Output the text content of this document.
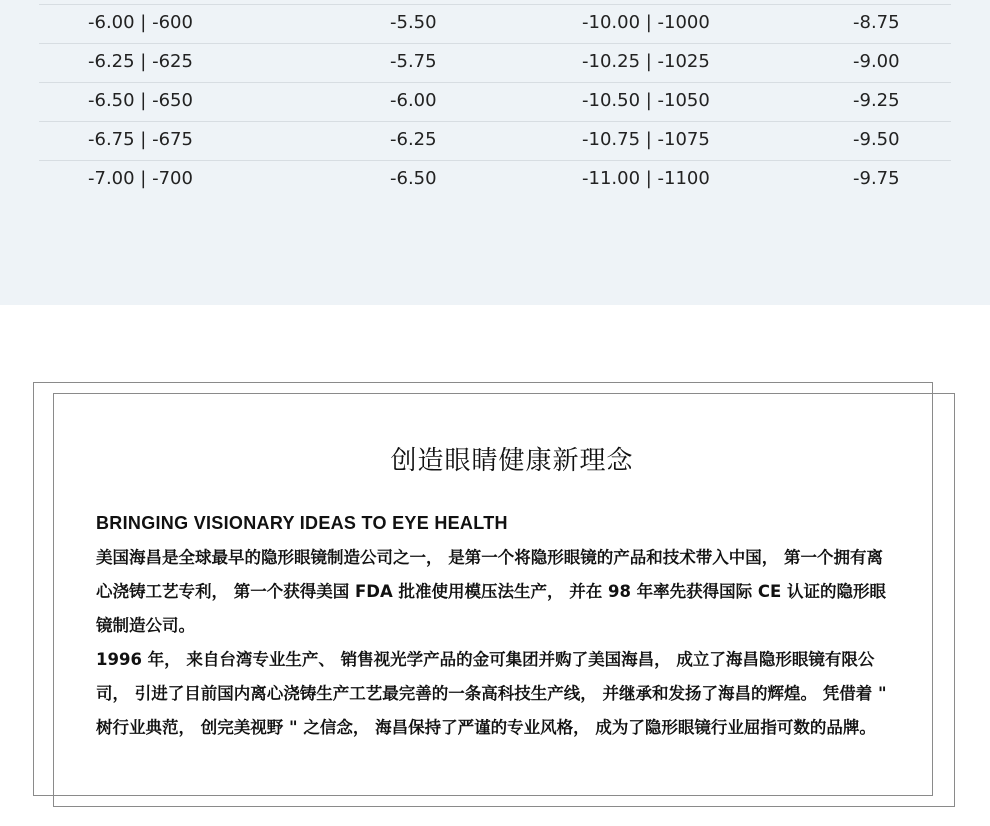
-6.00 | -600	-5.50	-10.00 | -1000	-8.75
-6.25 | -625	-5.75	-10.25 | -1025	-9.00
-6.50 | -650	-6.00	-10.50 | -1050	-9.25
-6.75 | -675	-6.25	-10.75 | -1075	-9.50
-7.00 | -700	-6.50	-11.00 | -1100	-9.75
创造眼睛健康新理念
BRINGING VISIONARY IDEAS TO EYE HEALTH

美国海昌是全球最早的隐形眼镜制造公司之一， 是第一个将隐形眼镜的产品和技术带入中国， 第一个拥有离心浇铸工艺专利， 第一个获得美国 FDA 批准使用模压法生产， 并在 98 年率先获得国际 CE 认证的隐形眼镜制造公司。

1996 年， 来自台湾专业生产、 销售视光学产品的金可集团并购了美国海昌， 成立了海昌隐形眼镜有限公司， 引进了目前国内离心浇铸生产工艺最完善的一条高科技生产线， 并继承和发扬了海昌的辉煌。 凭借着 " 树行业典范， 创完美视野 " 之信念， 海昌保持了严谨的专业风格， 成为了隐形眼镜行业屈指可数的品牌。
